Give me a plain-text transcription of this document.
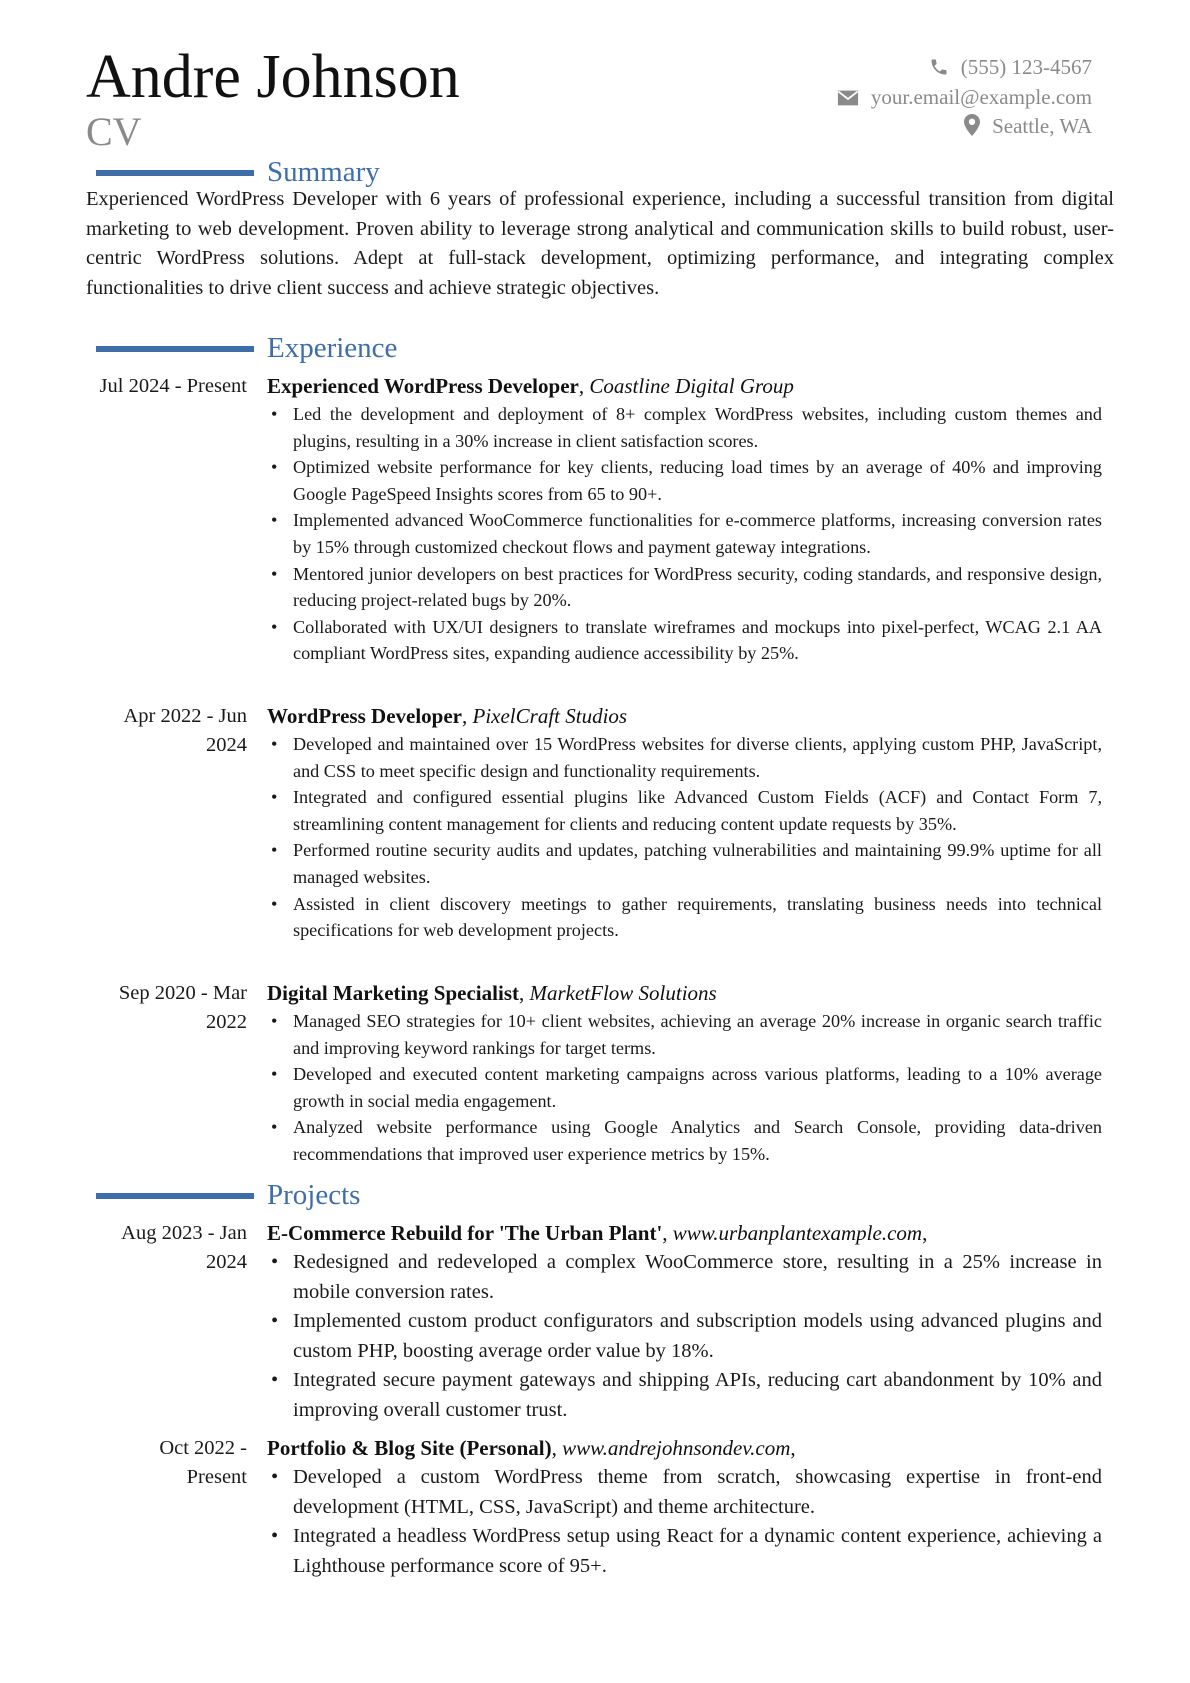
Andre Johnson
CV
(555) 123-4567
your.email@example.com
Seattle, WA
Summary

Experienced WordPress Developer with 6 years of professional experience, including a successful transition from digital marketing to web development. Proven ability to leverage strong analytical and communication skills to build robust, user-centric WordPress solutions. Adept at full-stack development, optimizing performance, and integrating complex functionalities to drive client success and achieve strategic objectives.

Experience
Jul 2024 - Present Experienced WordPress Developer, Coastline Digital Group
• Led the development and deployment of 8+ complex WordPress websites, including custom themes and plugins, resulting in a 30% increase in client satisfaction scores.
• Optimized website performance for key clients, reducing load times by an average of 40% and improving Google PageSpeed Insights scores from 65 to 90+.
• Implemented advanced WooCommerce functionalities for e-commerce platforms, increasing conversion rates by 15% through customized checkout flows and payment gateway integrations.
• Mentored junior developers on best practices for WordPress security, coding standards, and responsive design, reducing project-related bugs by 20%.
• Collaborated with UX/UI designers to translate wireframes and mockups into pixel-perfect, WCAG 2.1 AA compliant WordPress sites, expanding audience accessibility by 25%.
Apr 2022 - Jun 2024
WordPress Developer, PixelCraft Studios
• Developed and maintained over 15 WordPress websites for diverse clients, applying custom PHP, JavaScript, and CSS to meet specific design and functionality requirements.
• Integrated and configured essential plugins like Advanced Custom Fields (ACF) and Contact Form 7, streamlining content management for clients and reducing content update requests by 35%.
• Performed routine security audits and updates, patching vulnerabilities and maintaining 99.9% uptime for all managed websites.
• Assisted in client discovery meetings to gather requirements, translating business needs into technical specifications for web development projects.
Sep 2020 - Mar 2022
Digital Marketing Specialist, MarketFlow Solutions
• Managed SEO strategies for 10+ client websites, achieving an average 20% increase in organic search traffic and improving keyword rankings for target terms.
• Developed and executed content marketing campaigns across various platforms, leading to a 10% average growth in social media engagement.
• Analyzed website performance using Google Analytics and Search Console, providing data-driven recommendations that improved user experience metrics by 15%.
Projects
Aug 2023 - Jan 2024
E-Commerce Rebuild for 'The Urban Plant', www.urbanplantexample.com,
• Redesigned and redeveloped a complex WooCommerce store, resulting in a 25% increase in mobile conversion rates.
• Implemented custom product configurators and subscription models using advanced plugins and custom PHP, boosting average order value by 18%.
• Integrated secure payment gateways and shipping APIs, reducing cart abandonment by 10% and improving overall customer trust.
Oct 2022 - Present
Portfolio & Blog Site (Personal), www.andrejohnsondev.com,
• Developed a custom WordPress theme from scratch, showcasing expertise in front-end development (HTML, CSS, JavaScript) and theme architecture.
• Integrated a headless WordPress setup using React for a dynamic content experience, achieving a Lighthouse performance score of 95+.
